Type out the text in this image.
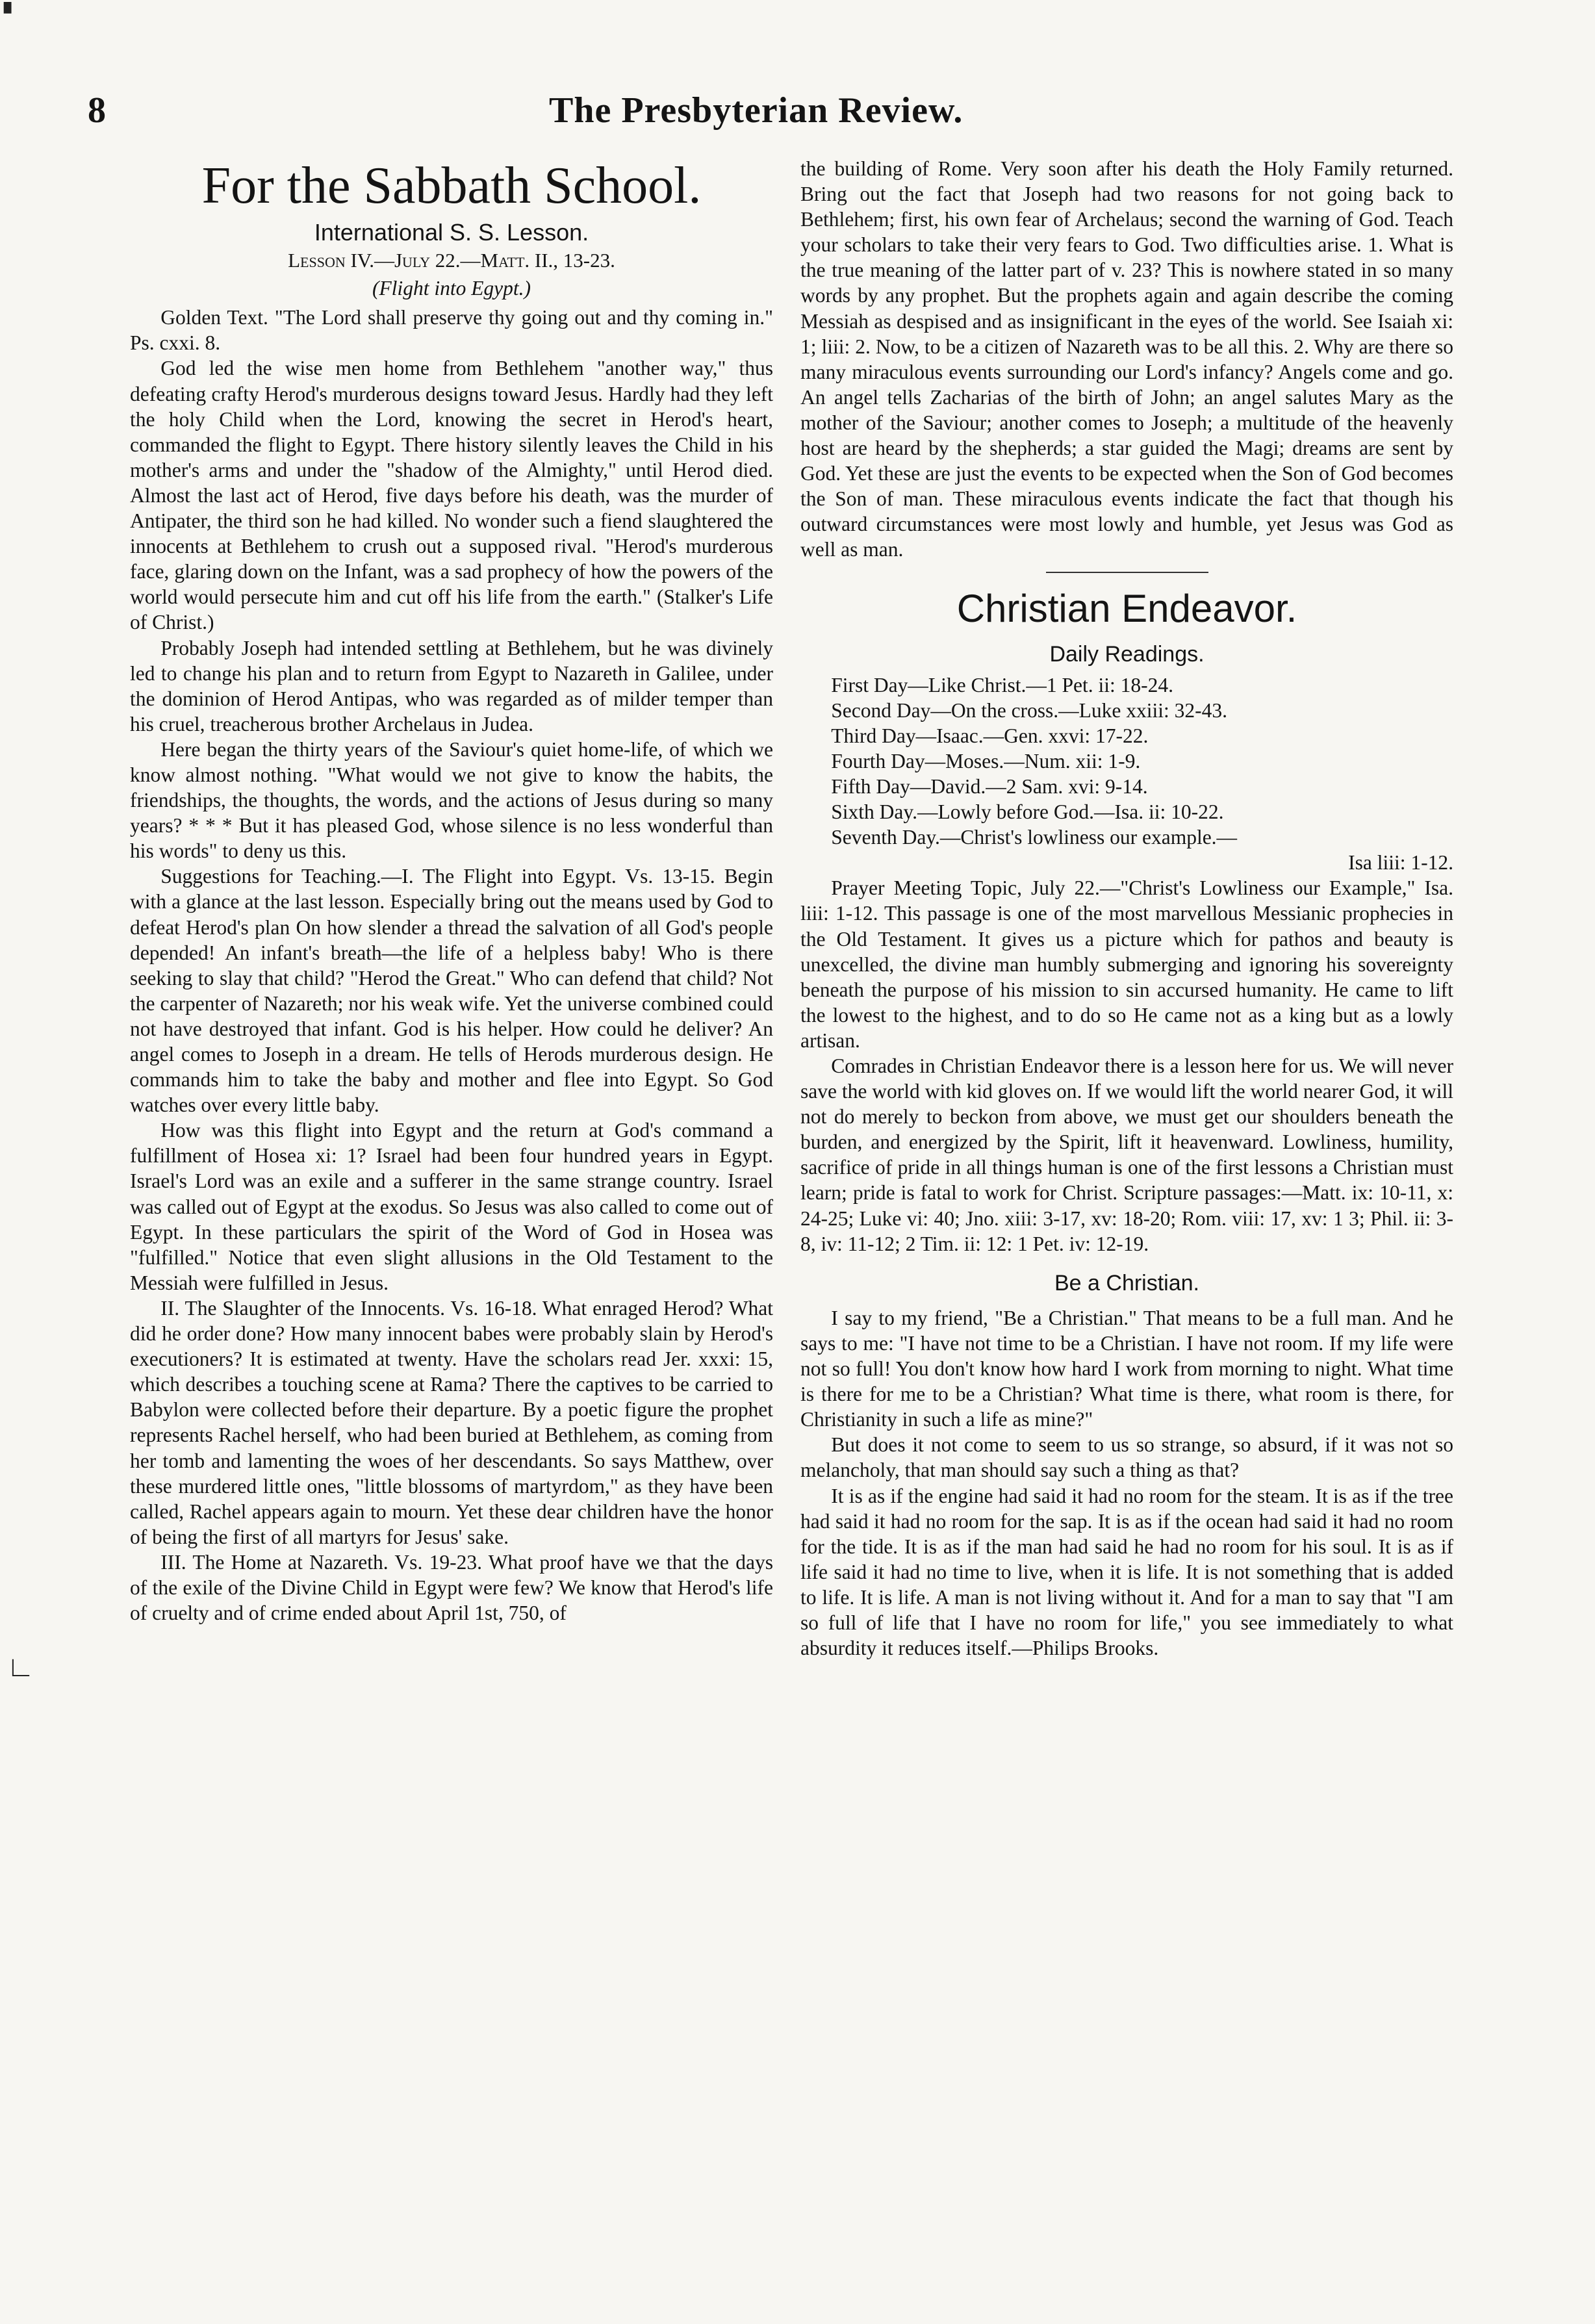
8	The Presbyterian Review.
▘
∟
For the Sabbath School.
International S. S. Lesson.
Lesson IV.—July 22.—Matt. II., 13-23.
(Flight into Egypt.)

Golden Text. "The Lord shall preserve thy going out and thy coming in." Ps. cxxi. 8.

God led the wise men home from Bethlehem "another way," thus defeating crafty Herod's murderous designs toward Jesus. Hardly had they left the holy Child when the Lord, knowing the secret in Herod's heart, commanded the flight to Egypt. There history silently leaves the Child in his mother's arms and under the "shadow of the Almighty," until Herod died. Almost the last act of Herod, five days before his death, was the murder of Antipater, the third son he had killed. No wonder such a fiend slaughtered the innocents at Bethlehem to crush out a supposed rival. "Herod's murderous face, glaring down on the Infant, was a sad prophecy of how the powers of the world would persecute him and cut off his life from the earth." (Stalker's Life of Christ.)

Probably Joseph had intended settling at Bethlehem, but he was divinely led to change his plan and to return from Egypt to Nazareth in Galilee, under the dominion of Herod Antipas, who was regarded as of milder temper than his cruel, treacherous brother Archelaus in Judea.

Here began the thirty years of the Saviour's quiet home-life, of which we know almost nothing. "What would we not give to know the habits, the friendships, the thoughts, the words, and the actions of Jesus during so many years? * * * But it has pleased God, whose silence is no less wonderful than his words" to deny us this.

Suggestions for Teaching.—I. The Flight into Egypt. Vs. 13-15. Begin with a glance at the last lesson. Especially bring out the means used by God to defeat Herod's plan On how slender a thread the salvation of all God's people depended! An infant's breath—the life of a helpless baby! Who is there seeking to slay that child? "Herod the Great." Who can defend that child? Not the carpenter of Nazareth; nor his weak wife. Yet the universe combined could not have destroyed that infant. God is his helper. How could he deliver? An angel comes to Joseph in a dream. He tells of Herods murderous design. He commands him to take the baby and mother and flee into Egypt. So God watches over every little baby.

How was this flight into Egypt and the return at God's command a fulfillment of Hosea xi: 1? Israel had been four hundred years in Egypt. Israel's Lord was an exile and a sufferer in the same strange country. Israel was called out of Egypt at the exodus. So Jesus was also called to come out of Egypt. In these particulars the spirit of the Word of God in Hosea was "fulfilled." Notice that even slight allusions in the Old Testament to the Messiah were fulfilled in Jesus.

II. The Slaughter of the Innocents. Vs. 16-18. What enraged Herod? What did he order done? How many innocent babes were probably slain by Herod's executioners? It is estimated at twenty. Have the scholars read Jer. xxxi: 15, which describes a touching scene at Rama? There the captives to be carried to Babylon were collected before their departure. By a poetic figure the prophet represents Rachel herself, who had been buried at Bethlehem, as coming from her tomb and lamenting the woes of her descendants. So says Matthew, over these murdered little ones, "little blossoms of martyrdom," as they have been called, Rachel appears again to mourn. Yet these dear children have the honor of being the first of all martyrs for Jesus' sake.

III. The Home at Nazareth. Vs. 19-23. What proof have we that the days of the exile of the Divine Child in Egypt were few? We know that Herod's life of cruelty and of crime ended about April 1st, 750, of

the building of Rome. Very soon after his death the Holy Family returned. Bring out the fact that Joseph had two reasons for not going back to Bethlehem; first, his own fear of Archelaus; second the warning of God. Teach your scholars to take their very fears to God. Two difficulties arise. 1. What is the true meaning of the latter part of v. 23? This is nowhere stated in so many words by any prophet. But the prophets again and again describe the coming Messiah as despised and as insignificant in the eyes of the world. See Isaiah xi: 1; liii: 2. Now, to be a citizen of Nazareth was to be all this. 2. Why are there so many miraculous events surrounding our Lord's infancy? Angels come and go. An angel tells Zacharias of the birth of John; an angel salutes Mary as the mother of the Saviour; another comes to Joseph; a multitude of the heavenly host are heard by the shepherds; a star guided the Magi; dreams are sent by God. Yet these are just the events to be expected when the Son of God becomes the Son of man. These miraculous events indicate the fact that though his outward circumstances were most lowly and humble, yet Jesus was God as well as man.

Christian Endeavor.
Daily Readings.

First Day—Like Christ.—1 Pet. ii: 18-24.

Second Day—On the cross.—Luke xxiii: 32-43.

Third Day—Isaac.—Gen. xxvi: 17-22.

Fourth Day—Moses.—Num. xii: 1-9.

Fifth Day—David.—2 Sam. xvi: 9-14.

Sixth Day.—Lowly before God.—Isa. ii: 10-22.

Seventh Day.—Christ's lowliness our example.—

Isa liii: 1-12.

Prayer Meeting Topic, July 22.—"Christ's Lowliness our Example," Isa. liii: 1-12. This passage is one of the most marvellous Messianic prophecies in the Old Testament. It gives us a picture which for pathos and beauty is unexcelled, the divine man humbly submerging and ignoring his sovereignty beneath the purpose of his mission to sin accursed humanity. He came to lift the lowest to the highest, and to do so He came not as a king but as a lowly artisan.

Comrades in Christian Endeavor there is a lesson here for us. We will never save the world with kid gloves on. If we would lift the world nearer God, it will not do merely to beckon from above, we must get our shoulders beneath the burden, and energized by the Spirit, lift it heavenward. Lowliness, humility, sacrifice of pride in all things human is one of the first lessons a Christian must learn; pride is fatal to work for Christ. Scripture passages:—Matt. ix: 10-11, x: 24-25; Luke vi: 40; Jno. xiii: 3-17, xv: 18-20; Rom. viii: 17, xv: 1 3; Phil. ii: 3-8, iv: 11-12; 2 Tim. ii: 12: 1 Pet. iv: 12-19.

Be a Christian.

I say to my friend, "Be a Christian." That means to be a full man. And he says to me: "I have not time to be a Christian. I have not room. If my life were not so full! You don't know how hard I work from morning to night. What time is there for me to be a Christian? What time is there, what room is there, for Christianity in such a life as mine?"

But does it not come to seem to us so strange, so absurd, if it was not so melancholy, that man should say such a thing as that?

It is as if the engine had said it had no room for the steam. It is as if the tree had said it had no room for the sap. It is as if the ocean had said it had no room for the tide. It is as if the man had said he had no room for his soul. It is as if life said it had no time to live, when it is life. It is not something that is added to life. It is life. A man is not living without it. And for a man to say that "I am so full of life that I have no room for life," you see immediately to what absurdity it reduces itself.—Philips Brooks.
